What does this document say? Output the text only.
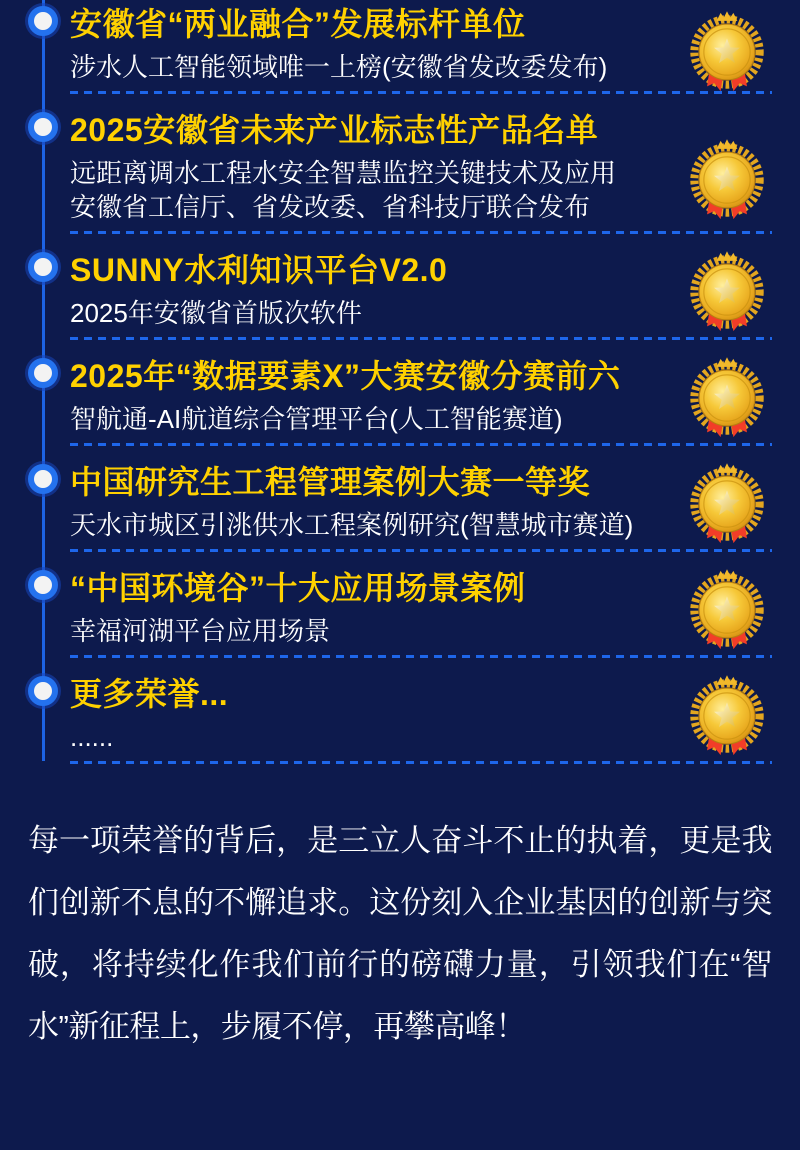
安徽省“两业融合”发展标杆单位
涉水人工智能领域唯一上榜(安徽省发改委发布)
2025安徽省未来产业标志性产品名单
远距离调水工程水安全智慧监控关键技术及应用
安徽省工信厅、省发改委、省科技厅联合发布
SUNNY水利知识平台V2.0
2025年安徽省首版次软件
2025年“数据要素X”大赛安徽分赛前六
智航通-AI航道综合管理平台(人工智能赛道)
中国研究生工程管理案例大赛一等奖
天水市城区引洮供水工程案例研究(智慧城市赛道)
“中国环境谷”十大应用场景案例
幸福河湖平台应用场景
更多荣誉...
......

每一项荣誉的背后，是三立人奋斗不止的执着，更是我们创新不息的不懈追求。这份刻入企业基因的创新与突破，将持续化作我们前行的磅礴力量，引领我们在“智水”新征程上，步履不停，再攀高峰！
